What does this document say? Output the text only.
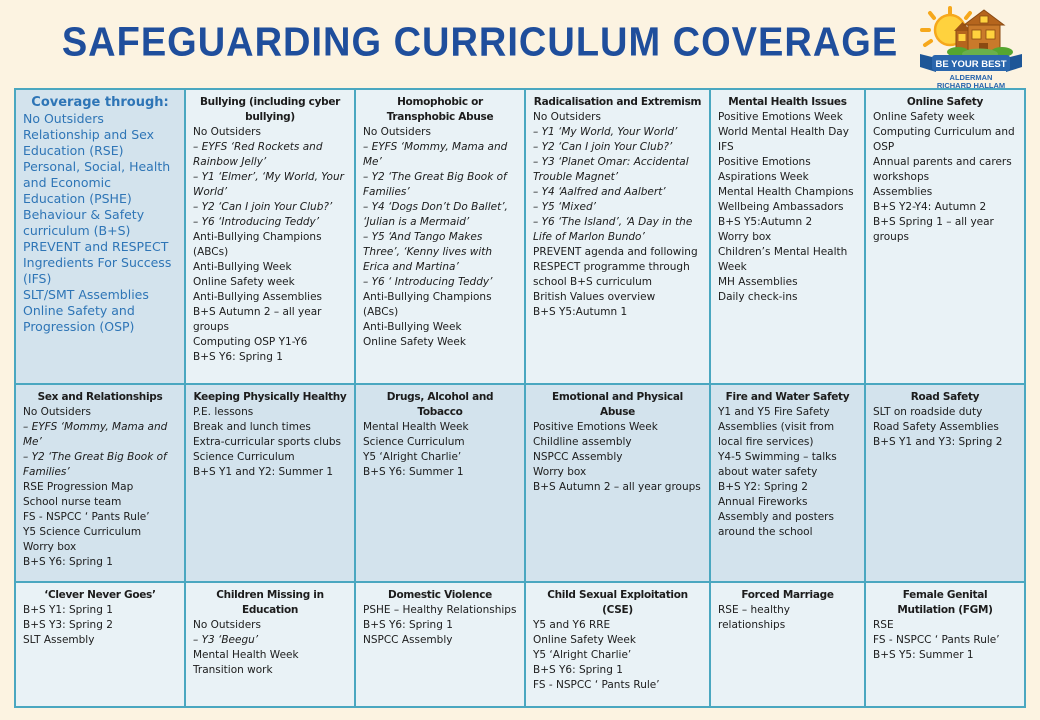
SAFEGUARDING CURRICULUM COVERAGE	BE YOUR BEST
ALDERMAN
RICHARD HALLAM
Coverage through:
No Outsiders
Relationship and Sex Education (RSE)
Personal, Social, Health and Economic Education (PSHE)
Behaviour & Safety curriculum (B+S)
PREVENT and RESPECT
Ingredients For Success (IFS)
SLT/SMT Assemblies
Online Safety and Progression (OSP)
Bullying (including cyber bullying)
No Outsiders
– EYFS ‘Red Rockets and Rainbow Jelly’
– Y1 ‘Elmer’, ‘My World, Your World’
– Y2 ‘Can I join Your Club?’
– Y6 ‘Introducing Teddy’
Anti-Bullying Champions (ABCs)
Anti-Bullying Week
Online Safety week
Anti-Bullying Assemblies
B+S Autumn 2 – all year groups
Computing OSP Y1-Y6
B+S Y6: Spring 1
Homophobic or Transphobic Abuse
No Outsiders
– EYFS ‘Mommy, Mama and Me’
– Y2 ‘The Great Big Book of Families’
– Y4 ‘Dogs Don’t Do Ballet’, ‘Julian is a Mermaid’
– Y5 ‘And Tango Makes Three’, ‘Kenny lives with Erica and Martina’
– Y6 ‘ Introducing Teddy’
Anti-Bullying Champions (ABCs)
Anti-Bullying Week
Online Safety Week
Radicalisation and Extremism
No Outsiders
– Y1 ‘My World, Your World’
– Y2 ‘Can I join Your Club?’
– Y3 ‘Planet Omar: Accidental Trouble Magnet’
– Y4 ‘Aalfred and Aalbert’
– Y5 ‘Mixed’
– Y6 ‘The Island’, ‘A Day in the Life of Marlon Bundo’
PREVENT agenda and following RESPECT programme through school B+S curriculum
British Values overview
B+S Y5:Autumn 1
Mental Health Issues
Positive Emotions Week
World Mental Health Day
IFS
Positive Emotions
Aspirations Week
Mental Health Champions
Wellbeing Ambassadors
B+S Y5:Autumn 2
Worry box
Children’s Mental Health Week
MH Assemblies
Daily check-ins
Online Safety
Online Safety week
Computing Curriculum and OSP
Annual parents and carers workshops
Assemblies
B+S Y2-Y4: Autumn 2
B+S Spring 1 – all year groups
Sex and Relationships
No Outsiders
– EYFS ‘Mommy, Mama and Me’
– Y2 ‘The Great Big Book of Families’
RSE Progression Map
School nurse team
FS - NSPCC ‘ Pants Rule’
Y5 Science Curriculum
Worry box
B+S Y6: Spring 1
Keeping Physically Healthy
P.E. lessons
Break and lunch times
Extra-curricular sports clubs
Science Curriculum
B+S Y1 and Y2: Summer 1
Drugs, Alcohol and Tobacco
Mental Health Week
Science Curriculum
Y5 ‘Alright Charlie’
B+S Y6: Summer 1
Emotional and Physical Abuse
Positive Emotions Week
Childline assembly
NSPCC Assembly
Worry box
B+S Autumn 2 – all year groups
Fire and Water Safety
Y1 and Y5 Fire Safety Assemblies (visit from local fire services)
Y4-5 Swimming – talks about water safety
B+S Y2: Spring 2
Annual Fireworks Assembly and posters around the school
Road Safety
SLT on roadside duty
Road Safety Assemblies
B+S Y1 and Y3: Spring 2
‘Clever Never Goes’
B+S Y1: Spring 1
B+S Y3: Spring 2
SLT Assembly
Children Missing in Education
No Outsiders
– Y3 ‘Beegu’
Mental Health Week
Transition work
Domestic Violence
PSHE – Healthy Relationships
B+S Y6: Spring 1
NSPCC Assembly
Child Sexual Exploitation (CSE)
Y5 and Y6 RRE
Online Safety Week
Y5 ‘Alright Charlie’
B+S Y6: Spring 1
FS - NSPCC ‘ Pants Rule’
Forced Marriage
RSE – healthy relationships
Female Genital Mutilation (FGM)
RSE
FS - NSPCC ‘ Pants Rule’
B+S Y5: Summer 1
